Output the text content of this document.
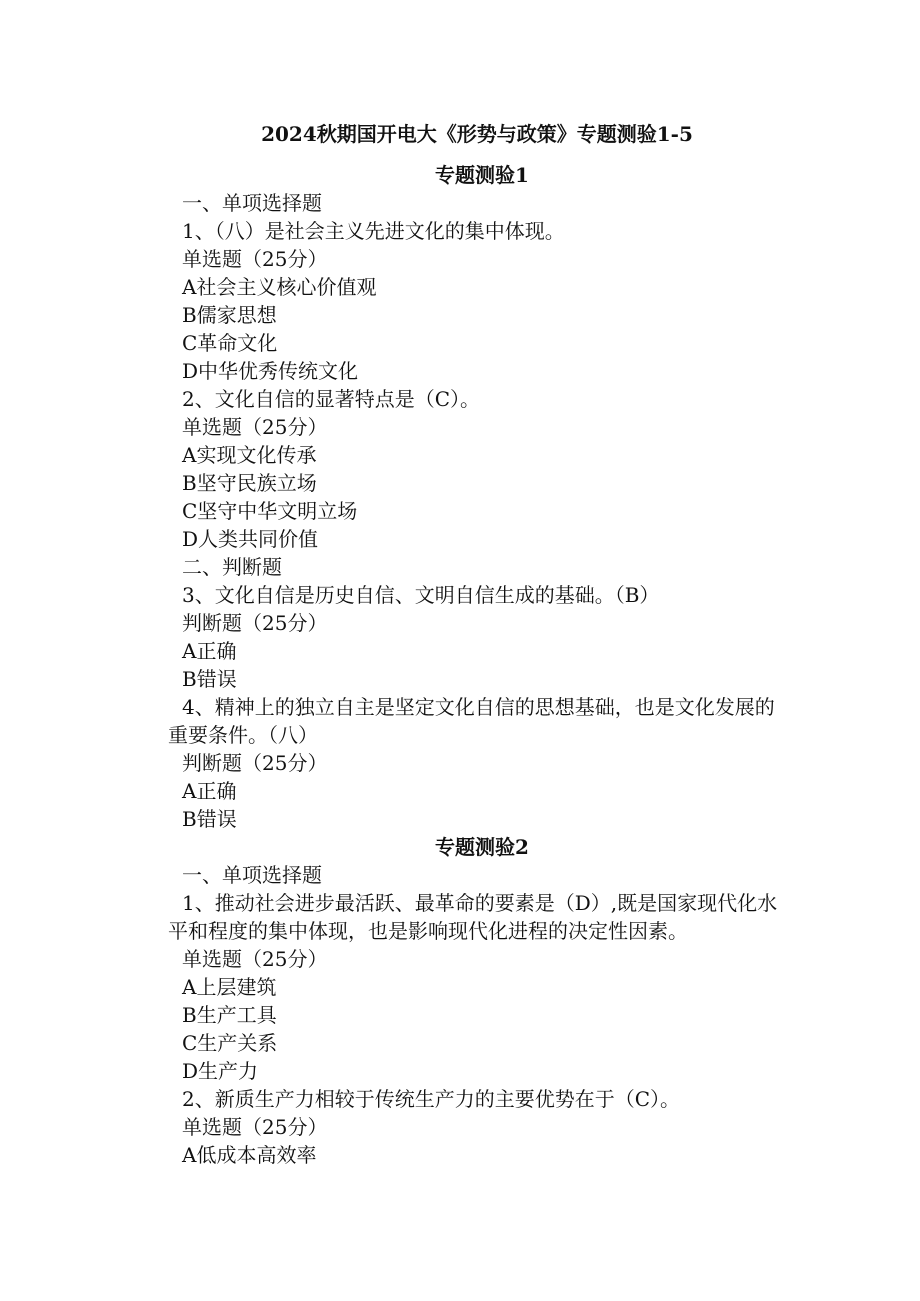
2024秋期国开电大《形势与政策》专题测验1-5
专题测验1

一、单项选择题

1、（八）是社会主义先进文化的集中体现。

单选题（25分）

A社会主义核心价值观

B儒家思想

C革命文化

D中华优秀传统文化

2、文化自信的显著特点是（C）。

单选题（25分）

A实现文化传承

B坚守民族立场

C坚守中华文明立场

D人类共同价值

二、判断题

3、文化自信是历史自信、文明自信生成的基础。（B）

判断题（25分）

A正确

B错误

4、精神上的独立自主是坚定文化自信的思想基础，也是文化发展的重要条件。（八）

判断题（25分）

A正确

B错误

专题测验2

一、单项选择题

1、推动社会进步最活跃、最革命的要素是（D）,既是国家现代化水平和程度的集中体现，也是影响现代化进程的决定性因素。

单选题（25分）

A上层建筑

B生产工具

C生产关系

D生产力

2、新质生产力相较于传统生产力的主要优势在于（C）。

单选题（25分）

A低成本高效率
